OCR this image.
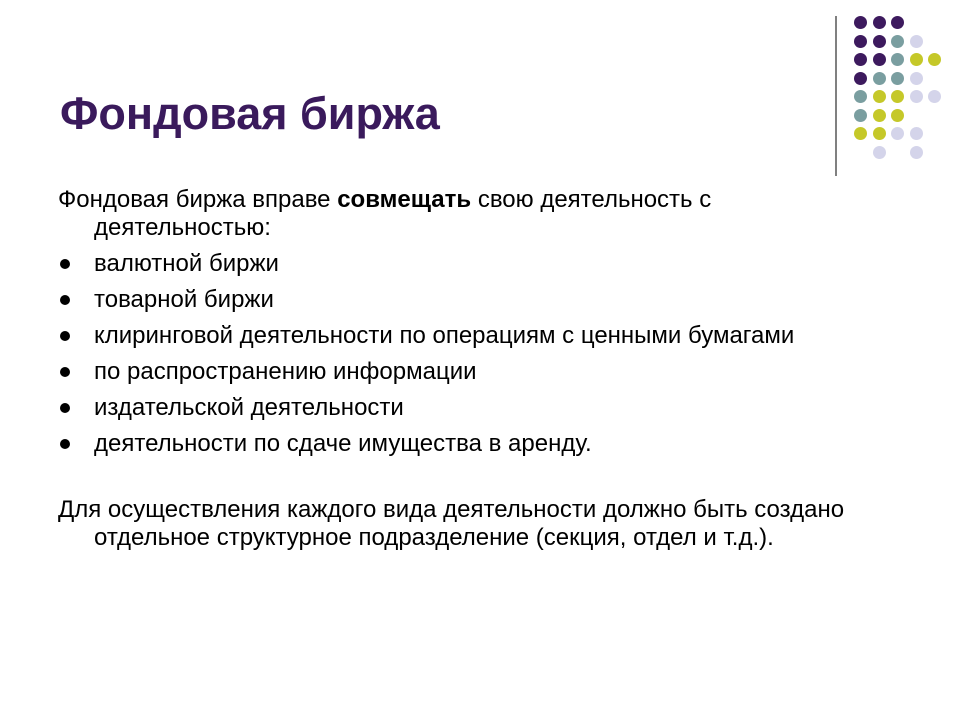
Фондовая биржа

Фондовая биржа вправе совмещать свою деятельность с деятельностью:

валютной биржи
товарной биржи
клиринговой деятельности по операциям с ценными бумагами
по распространению информации
издательской деятельности
деятельности по сдаче имущества в аренду.

Для осуществления каждого вида деятельности должно быть создано отдельное структурное подразделение (секция, отдел и т.д.).
